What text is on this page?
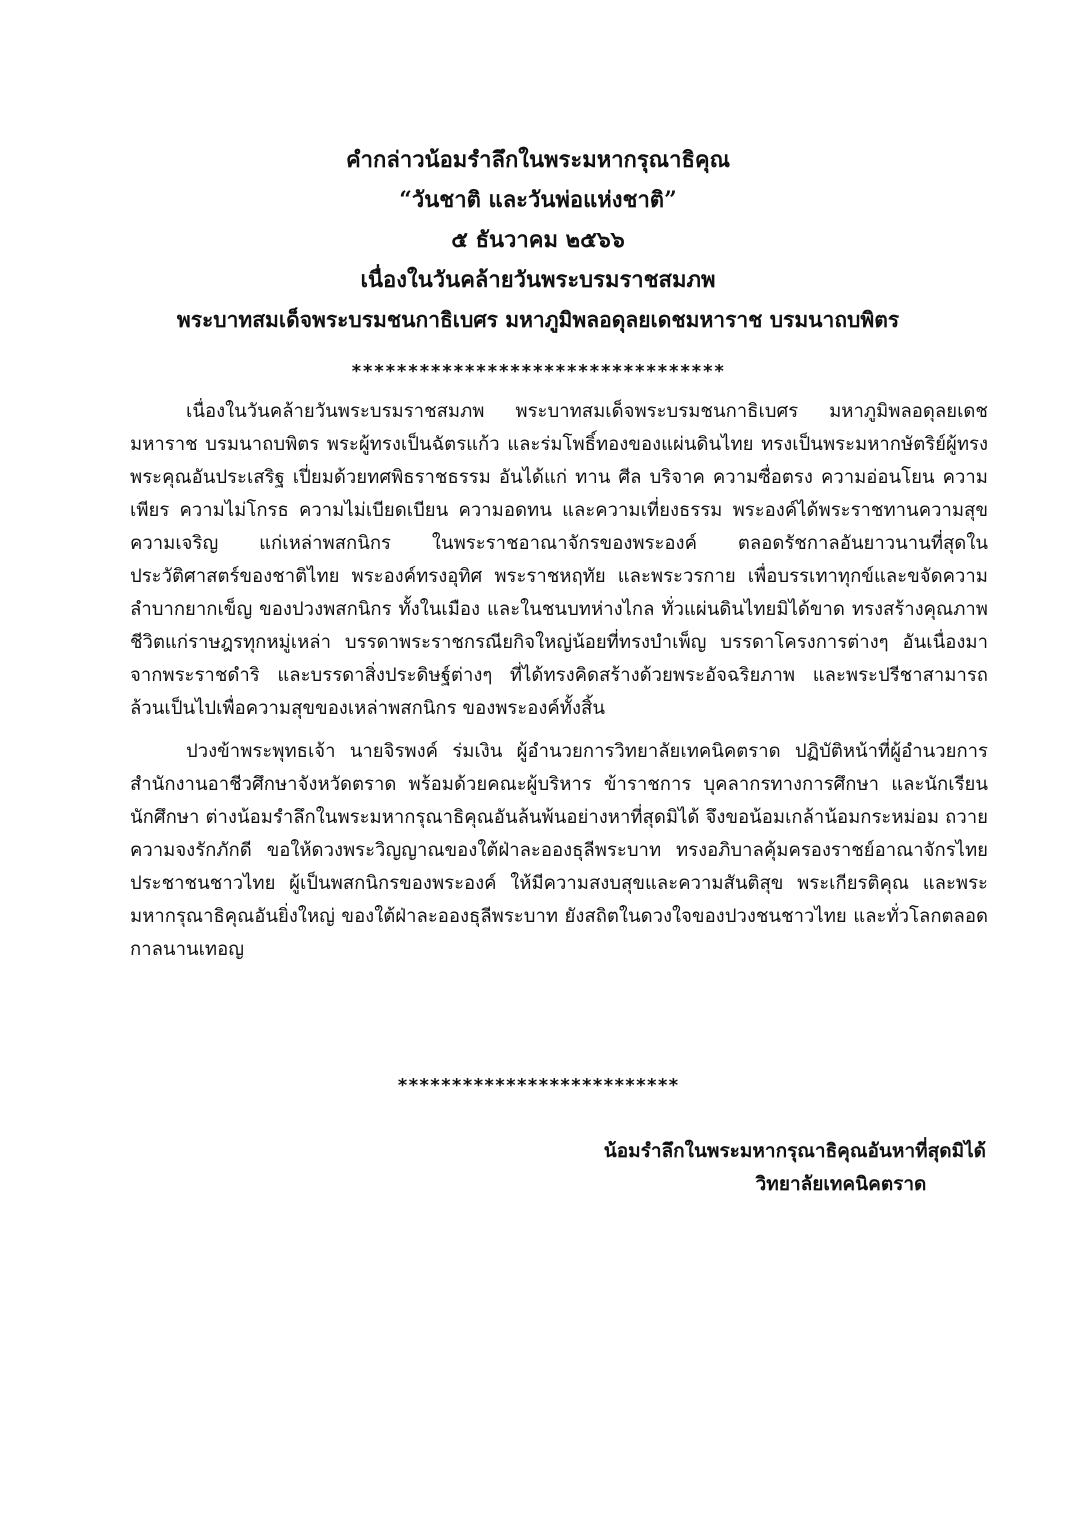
คำกล่าวน้อมรำลึกในพระมหากรุณาธิคุณ
“วันชาติ และวันพ่อแห่งชาติ”
๕ ธันวาคม ๒๕๖๖
เนื่องในวันคล้ายวันพระบรมราชสมภพ
พระบาทสมเด็จพระบรมชนกาธิเบศร มหาภูมิพลอดุลยเดชมหาราช บรมนาถบพิตร
*********************************

เนื่องในวันคล้ายวันพระบรมราชสมภพ พระบาทสมเด็จพระบรมชนกาธิเบศร มหาภูมิพลอดุลยเดช มหาราช บรมนาถบพิตร พระผู้ทรงเป็นฉัตรแก้ว และร่มโพธิ์ทองของแผ่นดินไทย ทรงเป็นพระมหากษัตริย์ผู้ทรงพระคุณอันประเสริฐ เปี่ยมด้วยทศพิธราชธรรม อันได้แก่ ทาน ศีล บริจาค ความซื่อตรง ความอ่อนโยน ความเพียร ความไม่โกรธ ความไม่เบียดเบียน ความอดทน และความเที่ยงธรรม พระองค์ได้พระราชทานความสุขความเจริญ แก่เหล่าพสกนิกร ในพระราชอาณาจักรของพระองค์ ตลอดรัชกาลอันยาวนานที่สุดในประวัติศาสตร์ของชาติไทย พระองค์ทรงอุทิศ พระราชหฤทัย และพระวรกาย เพื่อบรรเทาทุกข์และขจัดความลำบากยากเข็ญ ของปวงพสกนิกร ทั้งในเมือง และในชนบทห่างไกล ทั่วแผ่นดินไทยมิได้ขาด ทรงสร้างคุณภาพชีวิตแก่ราษฎรทุกหมู่เหล่า บรรดาพระราชกรณียกิจใหญ่น้อยที่ทรงบำเพ็ญ บรรดาโครงการต่างๆ อันเนื่องมาจากพระราชดำริ และบรรดาสิ่งประดิษฐ์ต่างๆ ที่ได้ทรงคิดสร้างด้วยพระอัจฉริยภาพ และพระปรีชาสามารถ ล้วนเป็นไปเพื่อความสุขของเหล่าพสกนิกร ของพระองค์ทั้งสิ้น

ปวงข้าพระพุทธเจ้า นายจิรพงค์ ร่มเงิน ผู้อำนวยการวิทยาลัยเทคนิคตราด ปฏิบัติหน้าที่ผู้อำนวยการสำนักงานอาชีวศึกษาจังหวัดตราด พร้อมด้วยคณะผู้บริหาร ข้าราชการ บุคลากรทางการศึกษา และนักเรียน นักศึกษา ต่างน้อมรำลึกในพระมหากรุณาธิคุณอันล้นพ้นอย่างหาที่สุดมิได้ จึงขอน้อมเกล้าน้อมกระหม่อม ถวายความจงรักภักดี ขอให้ดวงพระวิญญาณของใต้ฝ่าละอองธุลีพระบาท ทรงอภิบาลคุ้มครองราชย์อาณาจักรไทย ประชาชนชาวไทย ผู้เป็นพสกนิกรของพระองค์ ให้มีความสงบสุขและความสันติสุข พระเกียรติคุณ และพระมหากรุณาธิคุณอันยิ่งใหญ่ ของใต้ฝ่าละอองธุลีพระบาท ยังสถิตในดวงใจของปวงชนชาวไทย และทั่วโลกตลอดกาลนานเทอญ

**************************
น้อมรำลึกในพระมหากรุณาธิคุณอันหาที่สุดมิได้
วิทยาลัยเทคนิคตราด
